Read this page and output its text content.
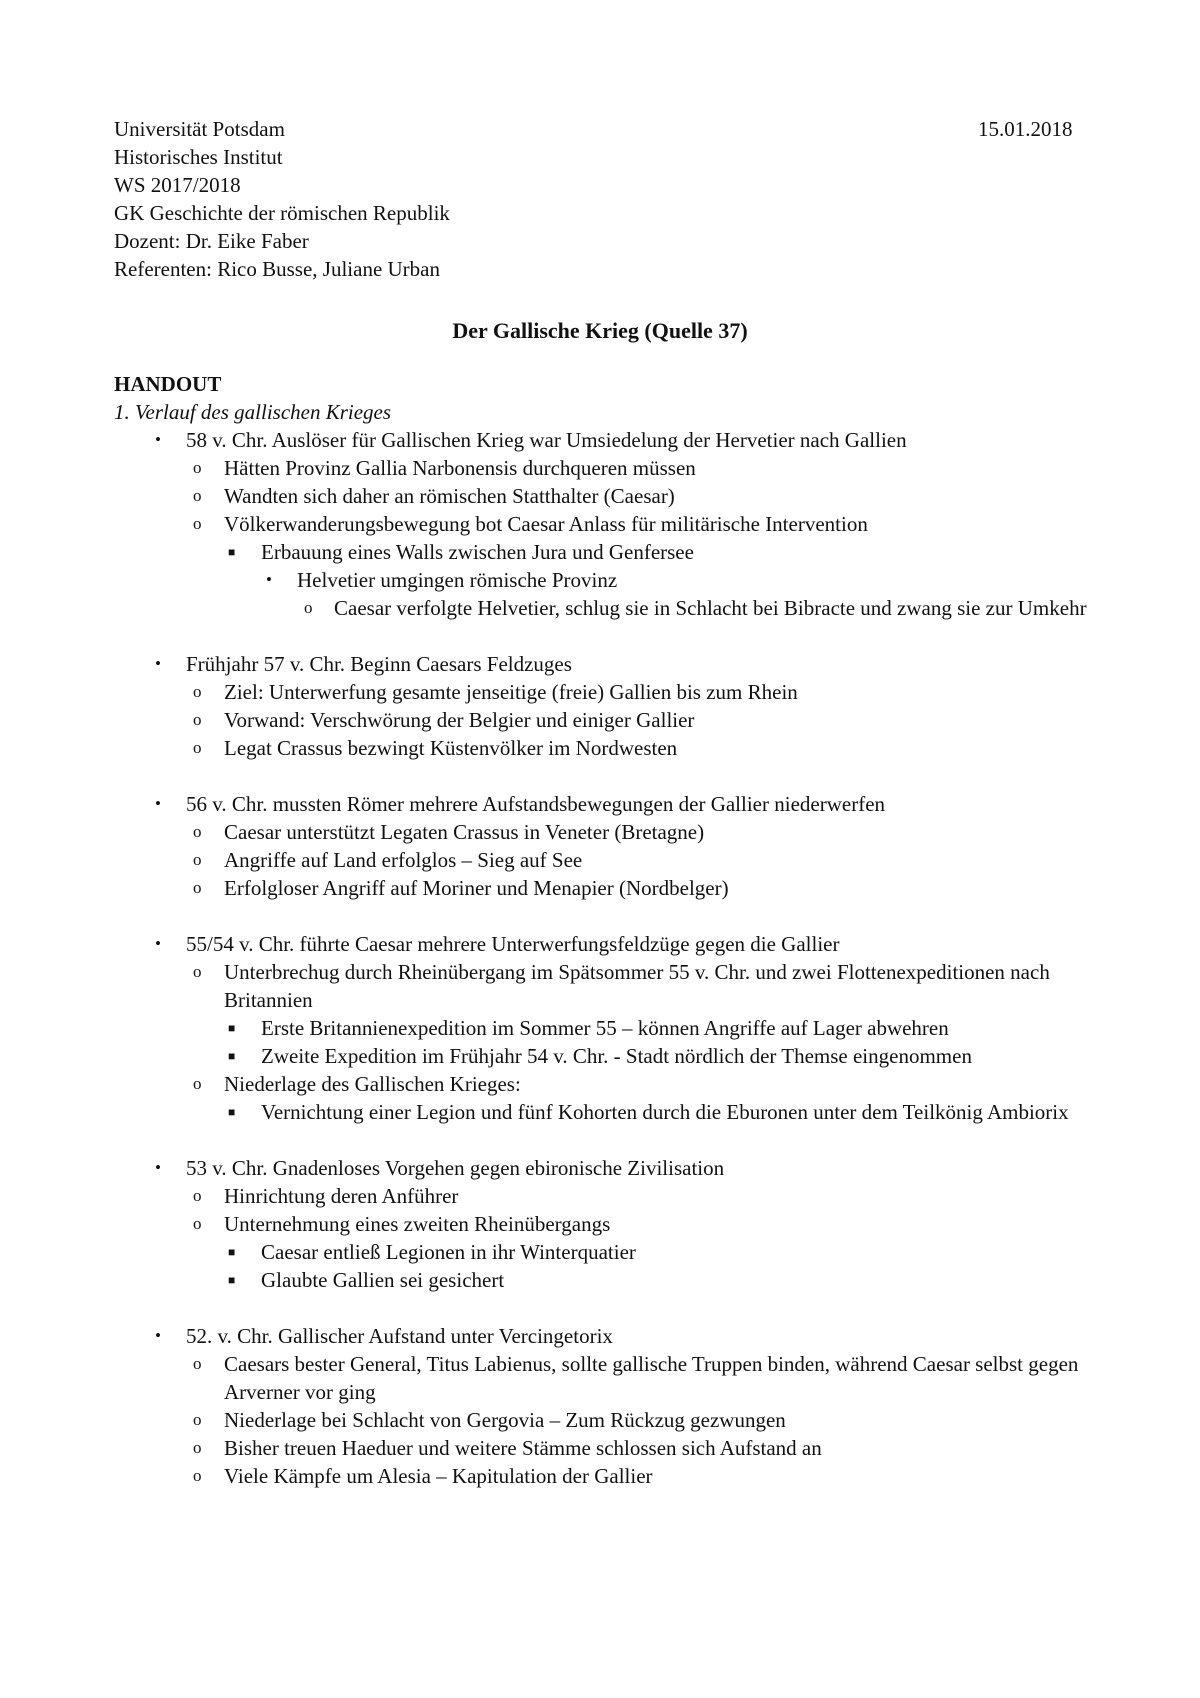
Universität Potsdam
Historisches Institut
WS 2017/2018
GK Geschichte der römischen Republik
Dozent: Dr. Eike Faber
Referenten: Rico Busse, Juliane Urban
15.01.2018
Der Gallische Krieg (Quelle 37)
HANDOUT
1. Verlauf des gallischen Krieges
• 58 v. Chr. Auslöser für Gallischen Krieg war Umsiedelung der Hervetier nach Gallien
o Hätten Provinz Gallia Narbonensis durchqueren müssen
o Wandten sich daher an römischen Statthalter (Caesar)
o Völkerwanderungsbewegung bot Caesar Anlass für militärische Intervention
■ Erbauung eines Walls zwischen Jura und Genfersee
• Helvetier umgingen römische Provinz
o Caesar verfolgte Helvetier, schlug sie in Schlacht bei Bibracte und zwang sie zur Umkehr
• Frühjahr 57 v. Chr. Beginn Caesars Feldzuges
o Ziel: Unterwerfung gesamte jenseitige (freie) Gallien bis zum Rhein
o Vorwand: Verschwörung der Belgier und einiger Gallier
o Legat Crassus bezwingt Küstenvölker im Nordwesten
• 56 v. Chr. mussten Römer mehrere Aufstandsbewegungen der Gallier niederwerfen
o Caesar unterstützt Legaten Crassus in Veneter (Bretagne)
o Angriffe auf Land erfolglos – Sieg auf See
o Erfolgloser Angriff auf Moriner und Menapier (Nordbelger)
• 55/54 v. Chr. führte Caesar mehrere Unterwerfungsfeldzüge gegen die Gallier
o Unterbrechug durch Rheinübergang im Spätsommer 55 v. Chr. und zwei Flottenexpeditionen nach Britannien
■ Erste Britannienexpedition im Sommer 55 – können Angriffe auf Lager abwehren
■ Zweite Expedition im Frühjahr 54 v. Chr. - Stadt nördlich der Themse eingenommen
o Niederlage des Gallischen Krieges:
■ Vernichtung einer Legion und fünf Kohorten durch die Eburonen unter dem Teilkönig Ambiorix
• 53 v. Chr. Gnadenloses Vorgehen gegen ebironische Zivilisation
o Hinrichtung deren Anführer
o Unternehmung eines zweiten Rheinübergangs
■ Caesar entließ Legionen in ihr Winterquatier
■ Glaubte Gallien sei gesichert
• 52. v. Chr. Gallischer Aufstand unter Vercingetorix
o Caesars bester General, Titus Labienus, sollte gallische Truppen binden, während Caesar selbst gegen Arverner vor ging
o Niederlage bei Schlacht von Gergovia – Zum Rückzug gezwungen
o Bisher treuen Haeduer und weitere Stämme schlossen sich Aufstand an
o Viele Kämpfe um Alesia – Kapitulation der Gallier
